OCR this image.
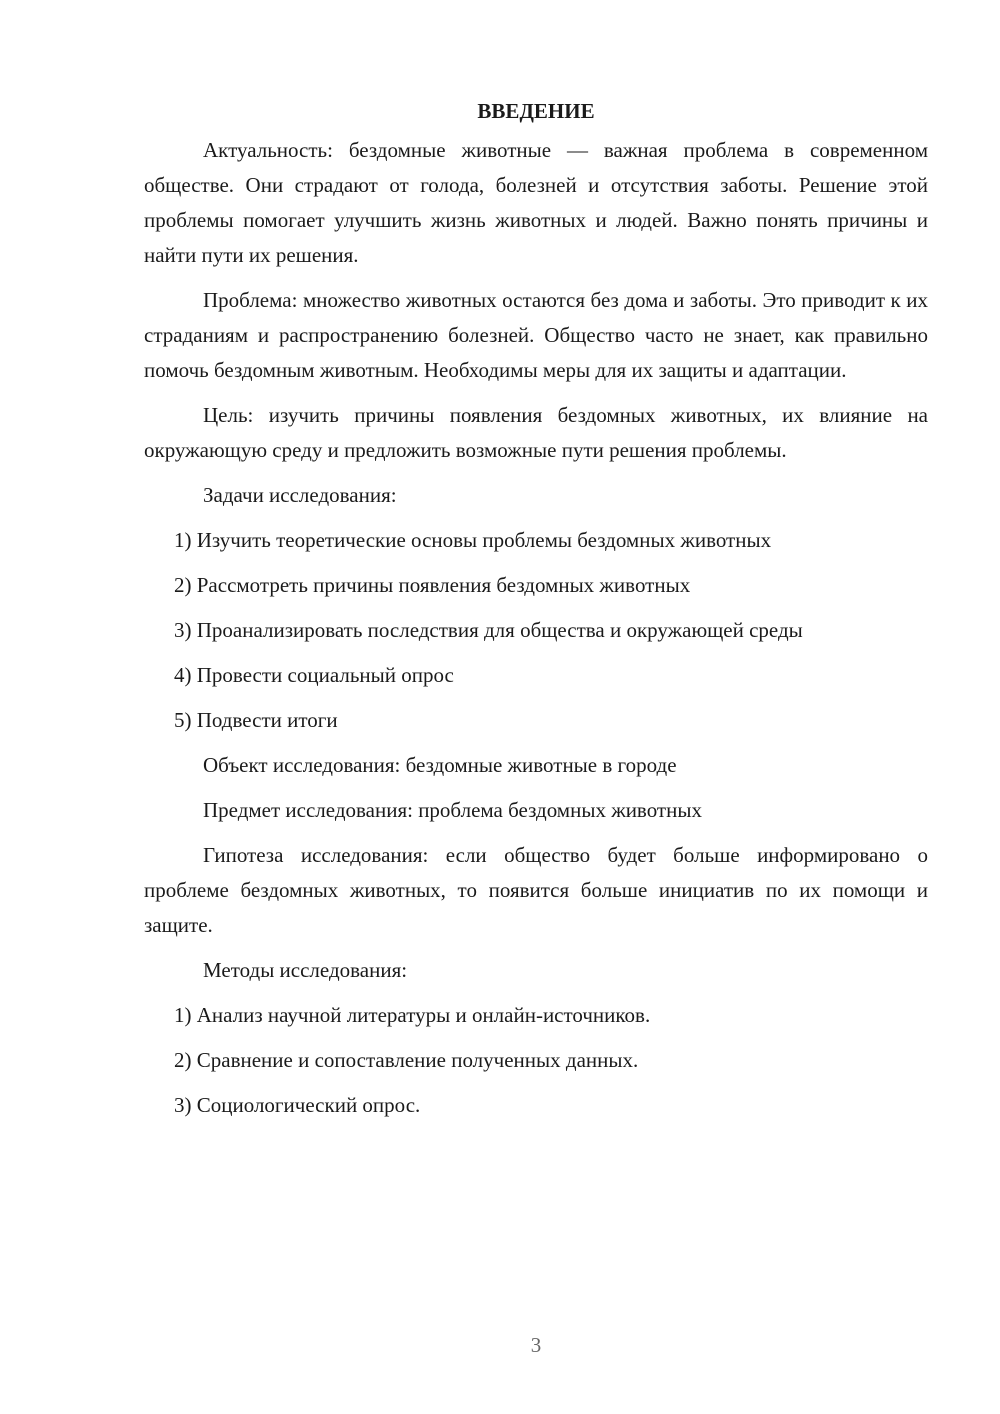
ВВЕДЕНИЕ

Актуальность: бездомные животные — важная проблема в современном обществе. Они страдают от голода, болезней и отсутствия заботы. Решение этой проблемы помогает улучшить жизнь животных и людей. Важно понять причины и найти пути их решения.

Проблема: множество животных остаются без дома и заботы. Это приводит к их страданиям и распространению болезней. Общество часто не знает, как правильно помочь бездомным животным. Необходимы меры для их защиты и адаптации.

Цель: изучить причины появления бездомных животных, их влияние на окружающую среду и предложить возможные пути решения проблемы.

Задачи исследования:

1) Изучить теоретические основы проблемы бездомных животных

2) Рассмотреть причины появления бездомных животных

3) Проанализировать последствия для общества и окружающей среды

4) Провести социальный опрос

5) Подвести итоги

Объект исследования: бездомные животные в городе

Предмет исследования: проблема бездомных животных

Гипотеза исследования: если общество будет больше информировано о проблеме бездомных животных, то появится больше инициатив по их помощи и защите.

Методы исследования:

1) Анализ научной литературы и онлайн-источников.

2) Сравнение и сопоставление полученных данных.

3) Социологический опрос.

3
